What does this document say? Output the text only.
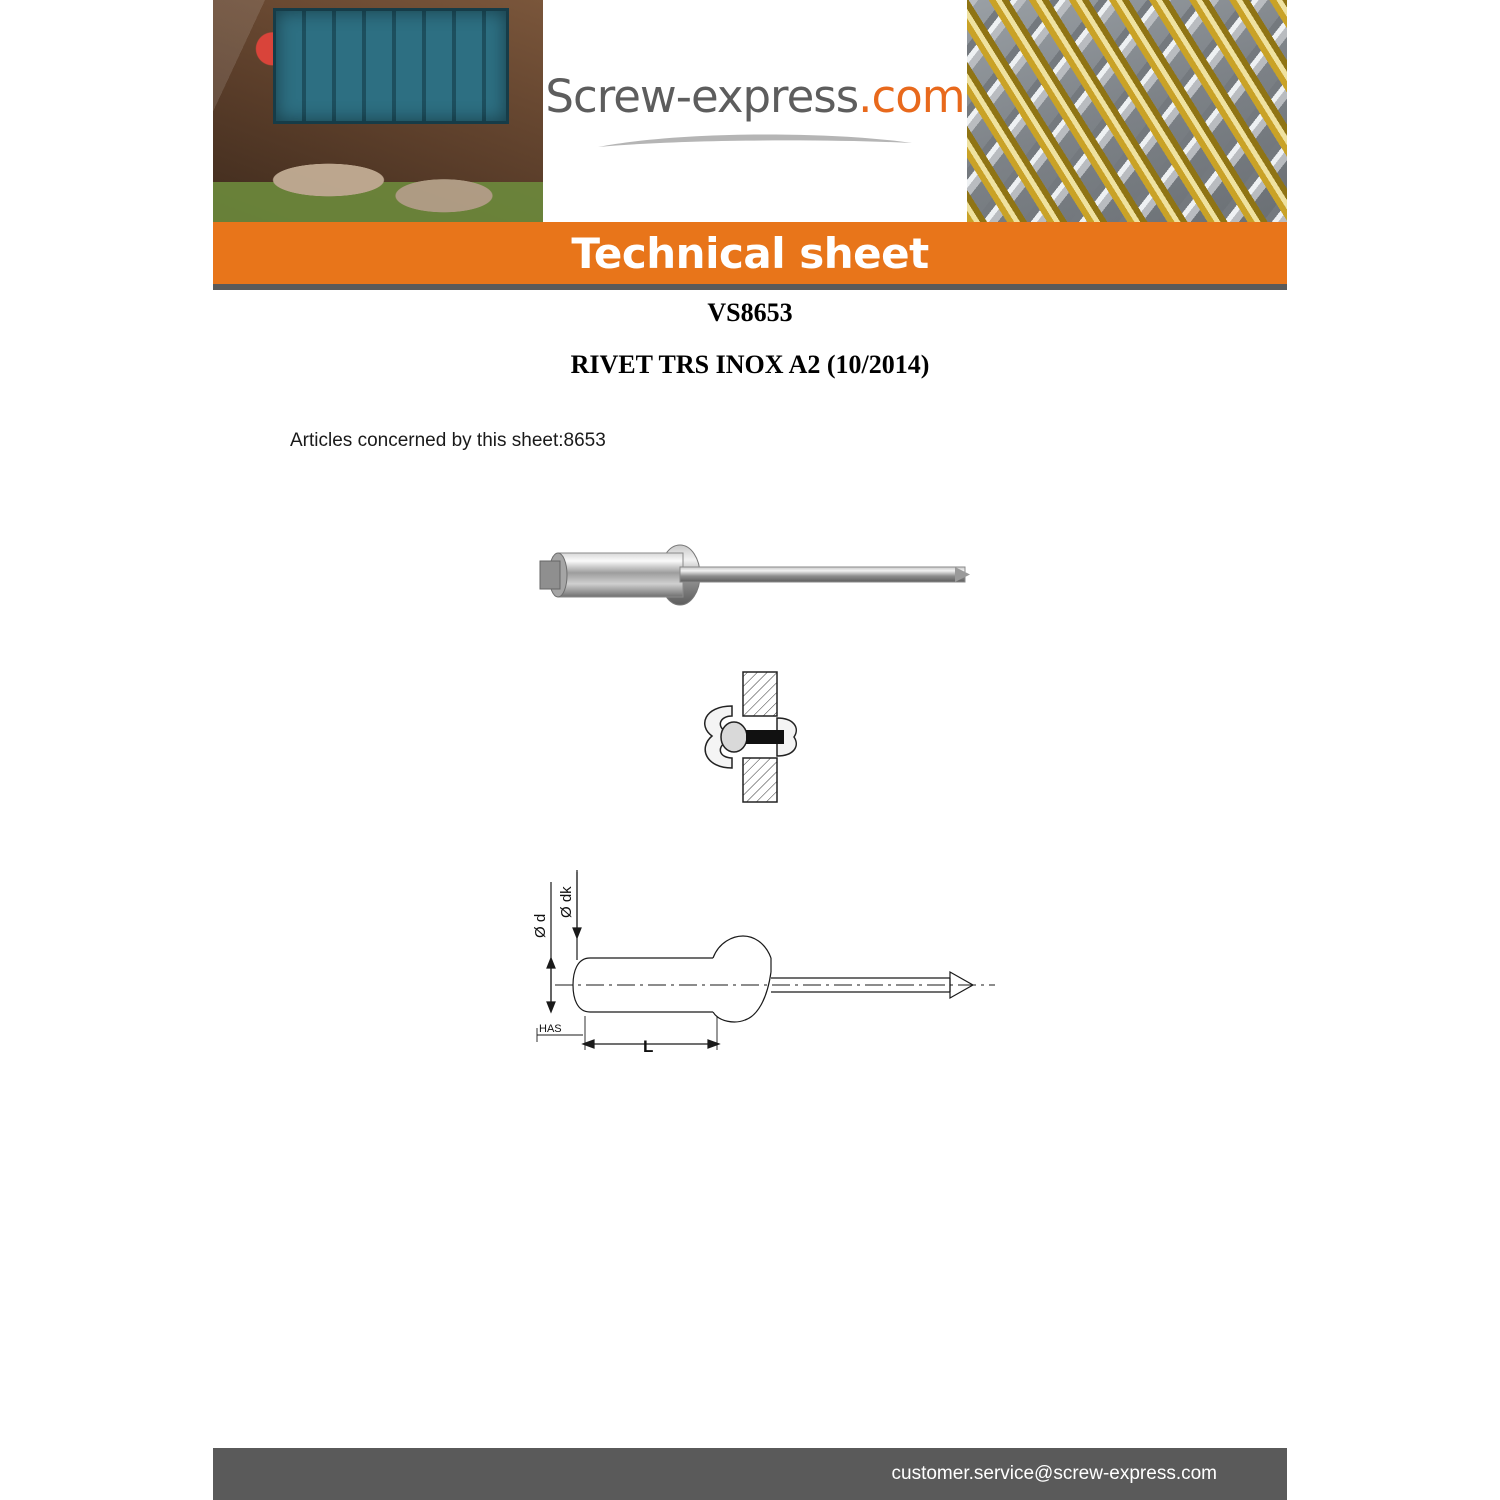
Screw-express.com
Technical sheet
VS8653
RIVET TRS INOX A2 (10/2014)
Articles concerned by this sheet:8653
Ø d
Ø dk
L
HAS
customer.service@screw-express.com
